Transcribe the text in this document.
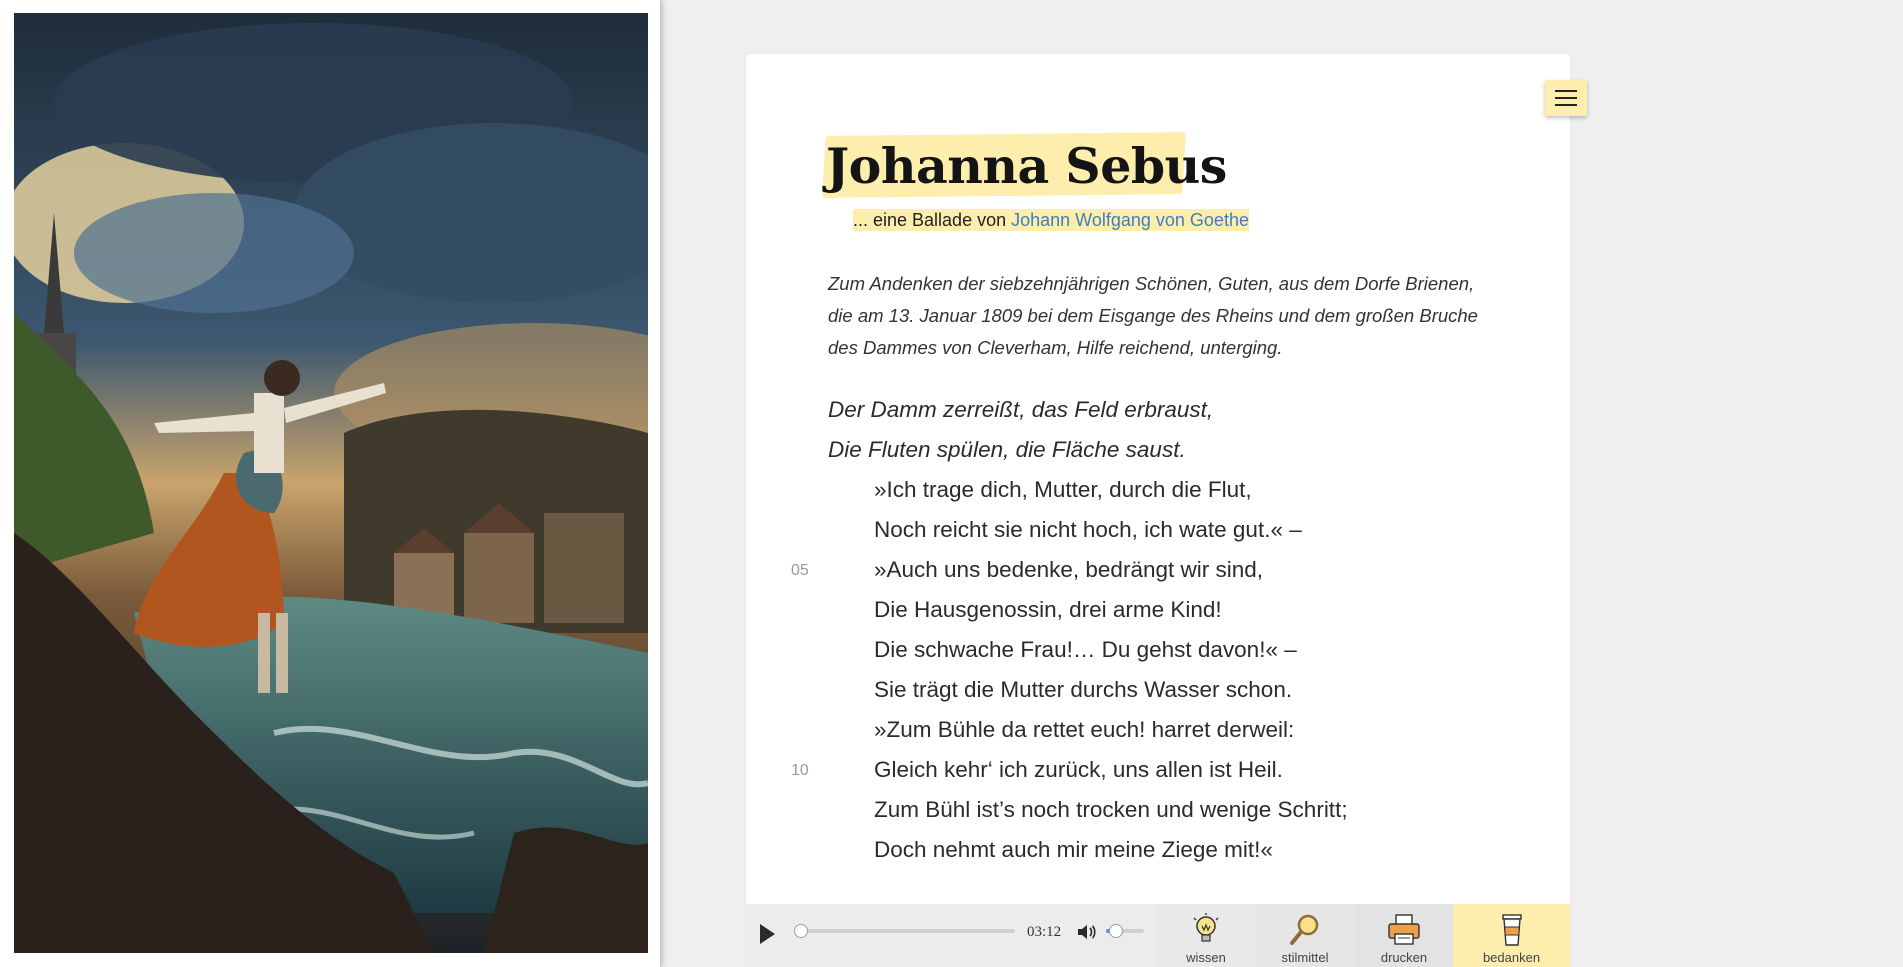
Johanna Sebus
... eine Ballade von Johann Wolfgang von Goethe
Zum Andenken der siebzehnjährigen Schönen, Guten, aus dem Dorfe Brienen,
die am 13. Januar 1809 bei dem Eisgange des Rheins und dem großen Bruche
des Dammes von Cleverham, Hilfe reichend, unterging.
Der Damm zerreißt, das Feld erbraust,
Die Fluten spülen, die Fläche saust.
»Ich trage dich, Mutter, durch die Flut,
Noch reicht sie nicht hoch, ich wate gut.« –
05	»Auch uns bedenke, bedrängt wir sind,
Die Hausgenossin, drei arme Kind!
Die schwache Frau!… Du gehst davon!« –
Sie trägt die Mutter durchs Wasser schon.
»Zum Bühle da rettet euch! harret derweil:
10	Gleich kehr‘ ich zurück, uns allen ist Heil.
Zum Bühl ist’s noch trocken und wenige Schritt;
Doch nehmt auch mir meine Ziege mit!«
03:12
wissen	stilmittel	drucken	bedanken
